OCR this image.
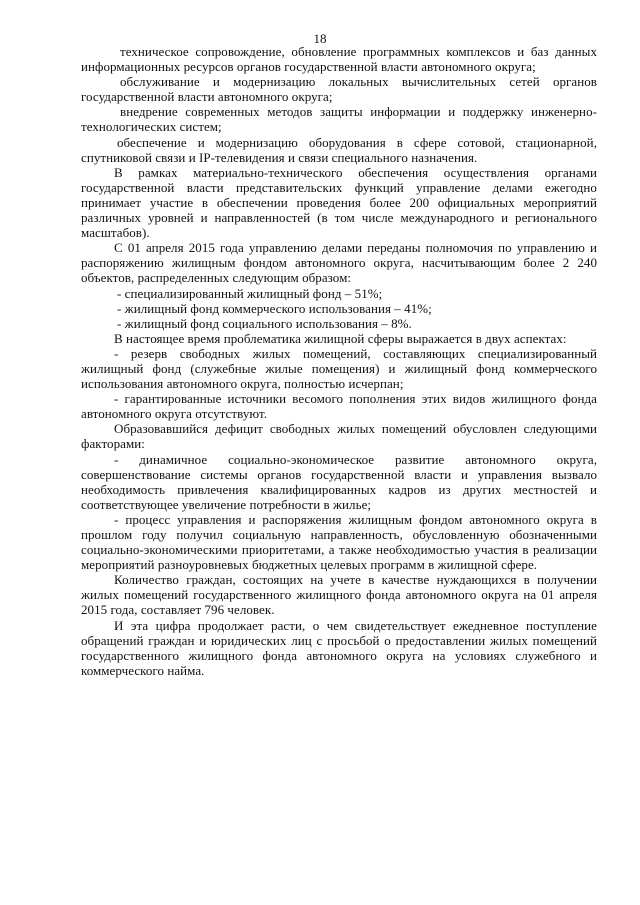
18

техническое сопровождение, обновление программных комплексов и баз данных информационных ресурсов органов государственной власти автономного округа;

обслуживание и модернизацию локальных вычислительных сетей органов государственной власти автономного округа;

внедрение современных методов защиты информации и поддержку инженерно-технологических систем;

обеспечение и модернизацию оборудования в сфере сотовой, стационарной, спутниковой связи и IP-телевидения и связи специального назначения.

В рамках материально-технического обеспечения осуществления органами государственной власти представительских функций управление делами ежегодно принимает участие в обеспечении проведения более 200 официальных мероприятий различных уровней и направленностей (в том числе международного и регионального масштабов).

С 01 апреля 2015 года управлению делами переданы полномочия по управлению и распоряжению жилищным фондом автономного округа, насчитывающим более 2 240 объектов, распределенных следующим образом:

- специализированный жилищный фонд – 51%;

- жилищный фонд коммерческого использования – 41%;

- жилищный фонд социального использования – 8%.

В настоящее время проблематика жилищной сферы выражается в двух аспектах:

- резерв свободных жилых помещений, составляющих специализированный жилищный фонд (служебные жилые помещения) и жилищный фонд коммерческого использования автономного округа, полностью исчерпан;

- гарантированные источники весомого пополнения этих видов жилищного фонда автономного округа отсутствуют.

Образовавшийся дефицит свободных жилых помещений обусловлен следующими факторами:

- динамичное социально-экономическое развитие автономного округа, совершенствование системы органов государственной власти и управления вызвало необходимость привлечения квалифицированных кадров из других местностей и соответствующее увеличение потребности в жилье;

- процесс управления и распоряжения жилищным фондом автономного округа в прошлом году получил социальную направленность, обусловленную обозначенными социально-экономическими приоритетами, а также необходимостью участия в реализации мероприятий разноуровневых бюджетных целевых программ в жилищной сфере.

Количество граждан, состоящих на учете в качестве нуждающихся в получении жилых помещений государственного жилищного фонда автономного округа на 01 апреля 2015 года, составляет 796 человек.

И эта цифра продолжает расти, о чем свидетельствует ежедневное поступление обращений граждан и юридических лиц с просьбой о предоставлении жилых помещений государственного жилищного фонда автономного округа на условиях служебного и коммерческого найма.
